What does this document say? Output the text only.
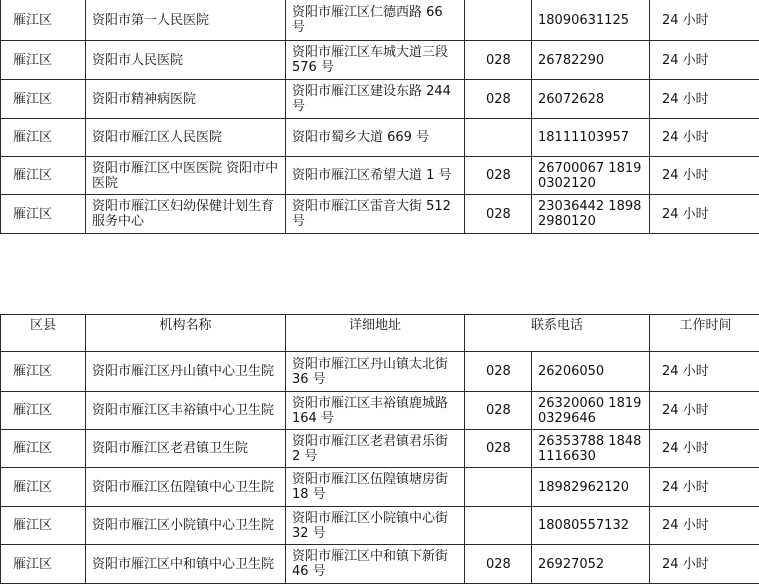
雁江区	资阳市第一人民医院	资阳市雁江区仁德西路 66 号		18090631125	24 小时
雁江区	资阳市人民医院	资阳市雁江区车城大道三段 576 号	028	26782290	24 小时
雁江区	资阳市精神病医院	资阳市雁江区建设东路 244 号	028	26072628	24 小时
雁江区	资阳市雁江区人民医院	资阳市蜀乡大道 669 号		18111103957	24 小时
雁江区	资阳市雁江区中医医院 资阳市中医院	资阳市雁江区希望大道 1 号	028	26700067 18190302120	24 小时
雁江区	资阳市雁江区妇幼保健计划生育服务中心	资阳市雁江区雷音大街 512 号	028	23036442 18982980120	24 小时
区县	机构名称	详细地址	联系电话		工作时间
雁江区	资阳市雁江区丹山镇中心卫生院	资阳市雁江区丹山镇太北街 36 号	028	26206050	24 小时
雁江区	资阳市雁江区丰裕镇中心卫生院	资阳市雁江区丰裕镇鹿城路 164 号	028	26320060 18190329646	24 小时
雁江区	资阳市雁江区老君镇卫生院	资阳市雁江区老君镇君乐街 2 号	028	26353788 18481116630	24 小时
雁江区	资阳市雁江区伍隍镇中心卫生院	资阳市雁江区伍隍镇塘房街 18 号		18982962120	24 小时
雁江区	资阳市雁江区小院镇中心卫生院	资阳市雁江区小院镇中心街 32 号		18080557132	24 小时
雁江区	资阳市雁江区中和镇中心卫生院	资阳市雁江区中和镇下新街 46 号	028	26927052	24 小时
